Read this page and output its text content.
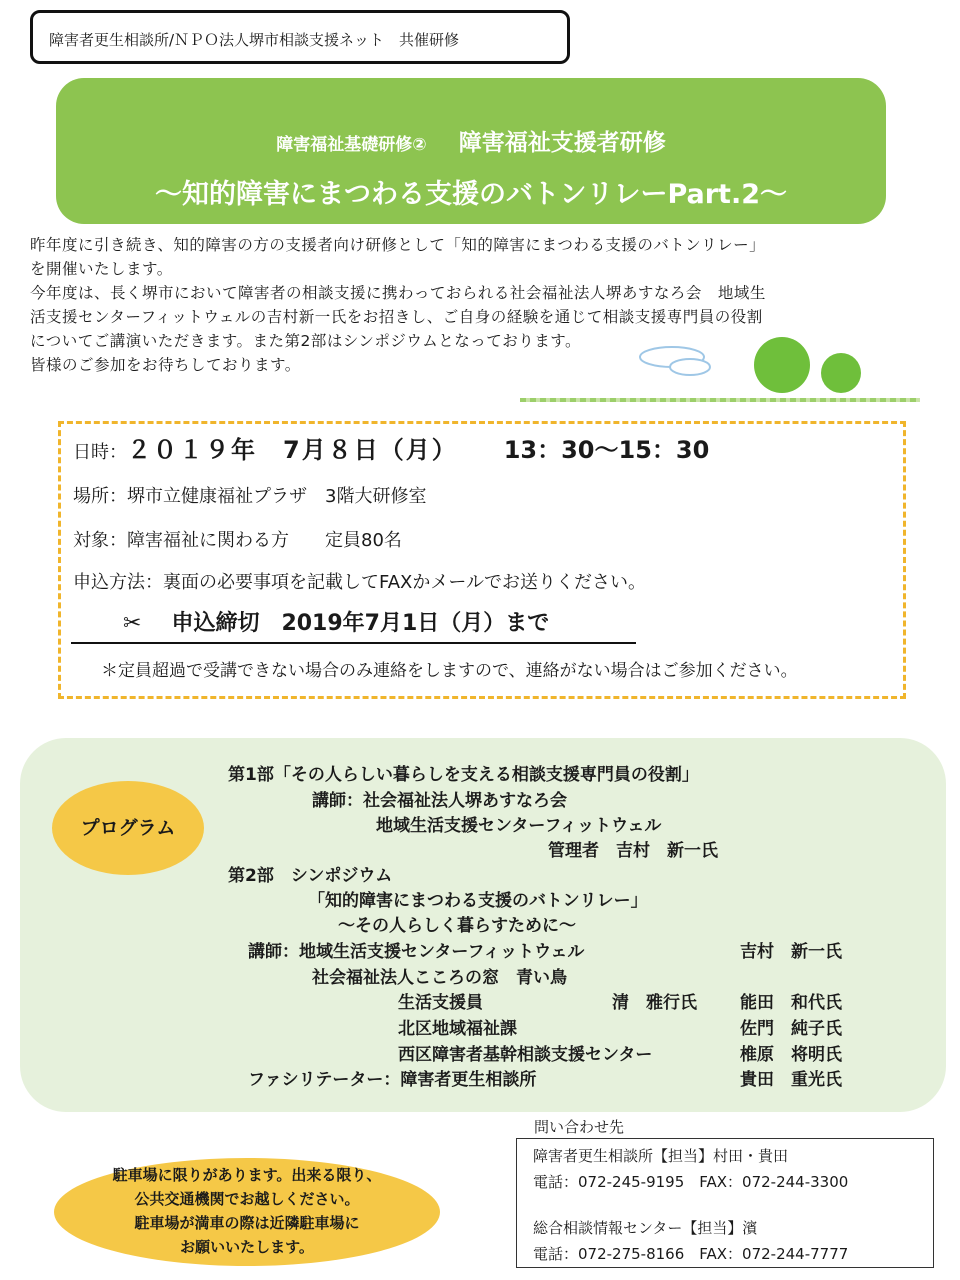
障害者更生相談所/ＮＰＯ法人堺市相談支援ネット　共催研修
障害福祉基礎研修② 障害福祉支援者研修
～知的障害にまつわる支援のバトンリレーPart.2～

昨年度に引き続き、知的障害の方の支援者向け研修として「知的障害にまつわる支援のバトンリレー」

を開催いたします。

今年度は、長く堺市において障害者の相談支援に携わっておられる社会福祉法人堺あすなろ会　地域生

活支援センターフィットウェルの吉村新一氏をお招きし、ご自身の経験を通じて相談支援専門員の役割

についてご講演いただきます。また第2部はシンポジウムとなっております。

皆様のご参加をお待ちしております。

日時：２０１９年　7月８日（月） 13：30～15：30
場所：堺市立健康福祉プラザ　3階大研修室
対象：障害福祉に関わる方　　定員80名
申込方法：裏面の必要事項を記載してFAXかメールでお送りください。
✂ 申込締切　2019年7月1日（月）まで
＊定員超過で受講できない場合のみ連絡をしますので、連絡がない場合はご参加ください。
第1部「その人らしい暮らしを支える相談支援専門員の役割」
講師：社会福祉法人堺あすなろ会
地域生活支援センターフィットウェル
管理者　吉村　新一氏
第2部　シンポジウム
「知的障害にまつわる支援のバトンリレー」
～その人らしく暮らすために～
講師：地域生活支援センターフィットウェル	吉村　新一氏
社会福祉法人こころの窓　青い鳥
生活支援員	清　雅行氏	能田　和代氏
北区地域福祉課	佐門　純子氏
西区障害者基幹相談支援センター	椎原　将明氏
ファシリテーター：障害者更生相談所	貴田　重光氏
プログラム
問い合わせ先
障害者更生相談所【担当】村田・貴田
電話：072-245-9195　FAX：072-244-3300
総合相談情報センター【担当】濱
電話：072-275-8166　FAX：072-244-7777
駐車場に限りがあります。出来る限り、
公共交通機関でお越しください。
駐車場が満車の際は近隣駐車場に
お願いいたします。
